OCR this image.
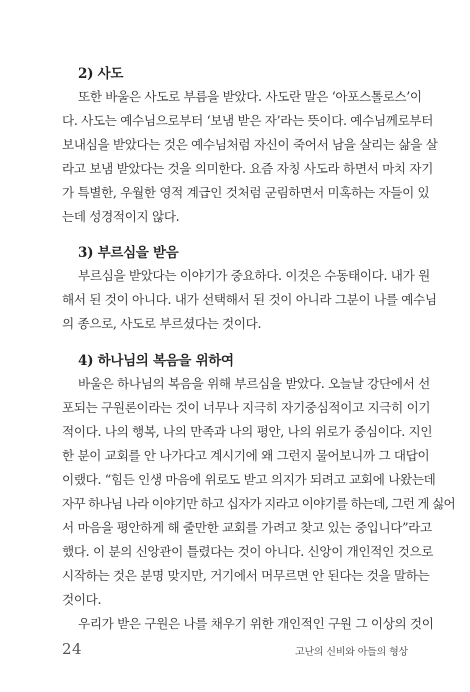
2) 사도
또한 바울은 사도로 부름을 받았다. 사도란 말은 ‘아포스톨로스’이
다. 사도는 예수님으로부터 ‘보냄 받은 자’라는 뜻이다. 예수님께로부터
보내심을 받았다는 것은 예수님처럼 자신이 죽어서 남을 살리는 삶을 살
라고 보냄 받았다는 것을 의미한다. 요즘 자칭 사도라 하면서 마치 자기
가 특별한, 우월한 영적 계급인 것처럼 군림하면서 미혹하는 자들이 있
는데 성경적이지 않다.
3) 부르심을 받음
부르심을 받았다는 이야기가 중요하다. 이것은 수동태이다. 내가 원
해서 된 것이 아니다. 내가 선택해서 된 것이 아니라 그분이 나를 예수님
의 종으로, 사도로 부르셨다는 것이다.
4) 하나님의 복음을 위하여
바울은 하나님의 복음을 위해 부르심을 받았다. 오늘날 강단에서 선
포되는 구원론이라는 것이 너무나 지극히 자기중심적이고 지극히 이기
적이다. 나의 행복, 나의 만족과 나의 평안, 나의 위로가 중심이다. 지인
한 분이 교회를 안 나가다고 계시기에 왜 그런지 물어보니까 그 대답이
이랬다. “힘든 인생 마음에 위로도 받고 의지가 되려고 교회에 나왔는데
자꾸 하나님 나라 이야기만 하고 십자가 지라고 이야기를 하는데, 그런 게 싫어
서 마음을 평안하게 해 줄만한 교회를 가려고 찾고 있는 중입니다”라고
했다. 이 분의 신앙관이 틀렸다는 것이 아니다. 신앙이 개인적인 것으로
시작하는 것은 분명 맞지만, 거기에서 머무르면 안 된다는 것을 말하는
것이다.
우리가 받은 구원은 나를 채우기 위한 개인적인 구원 그 이상의 것이
24	고난의 신비와 아들의 형상
